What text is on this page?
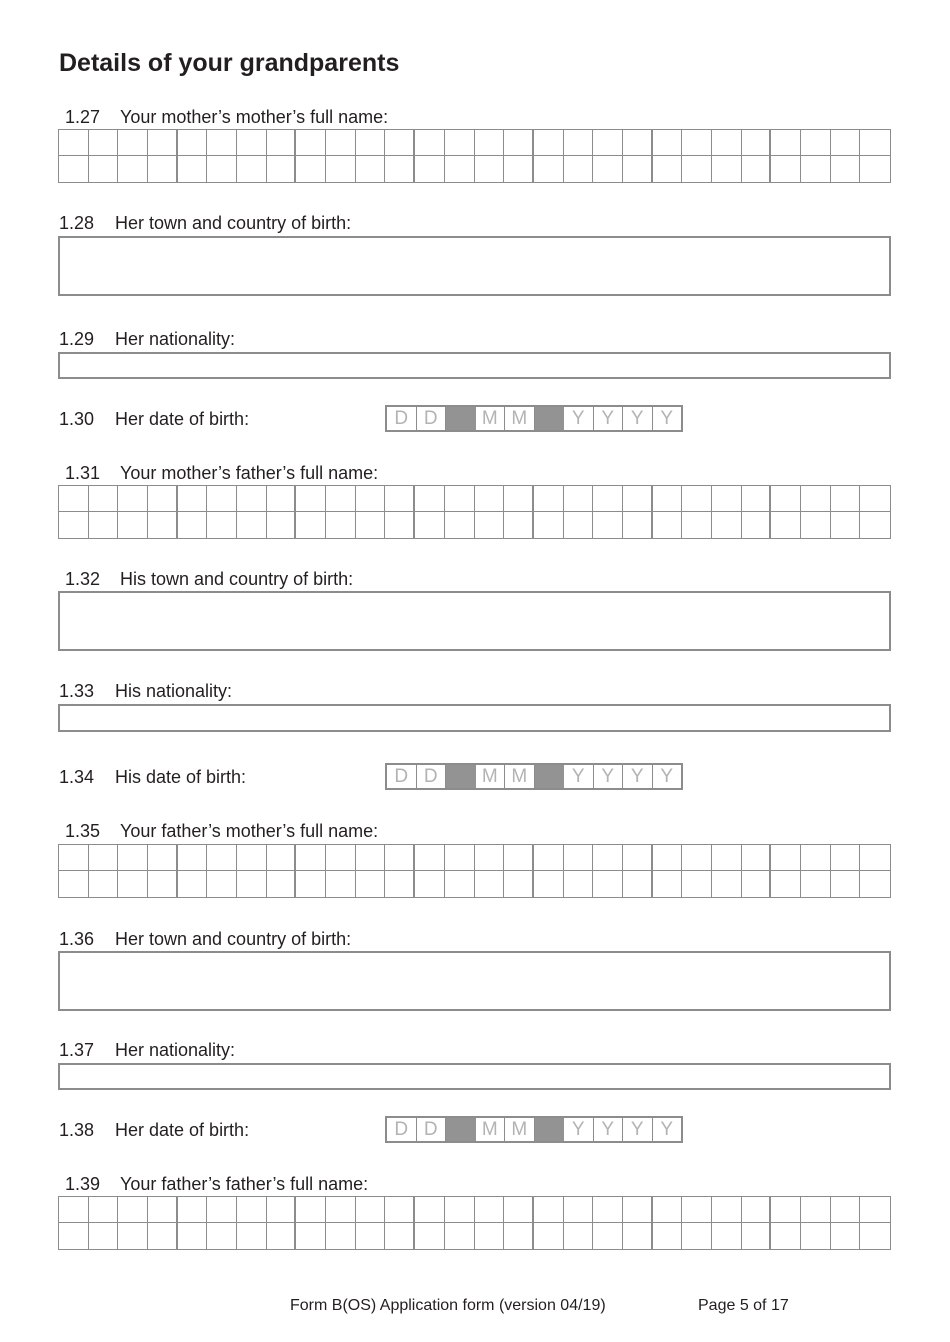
Details of your grandparents
1.27 Your mother’s mother’s full name:
1.28 Her town and country of birth:
1.29 Her nationality:
1.30 Her date of birth:	D D	M M	Y Y Y Y
1.31 Your mother’s father’s full name:
1.32 His town and country of birth:
1.33 His nationality:
1.34 His date of birth:	D D	M M	Y Y Y Y
1.35 Your father’s mother’s full name:
1.36 Her town and country of birth:
1.37 Her nationality:
1.38 Her date of birth:	D D	M M	Y Y Y Y
1.39 Your father’s father’s full name:
Form B(OS) Application form (version 04/19)	Page 5 of 17
